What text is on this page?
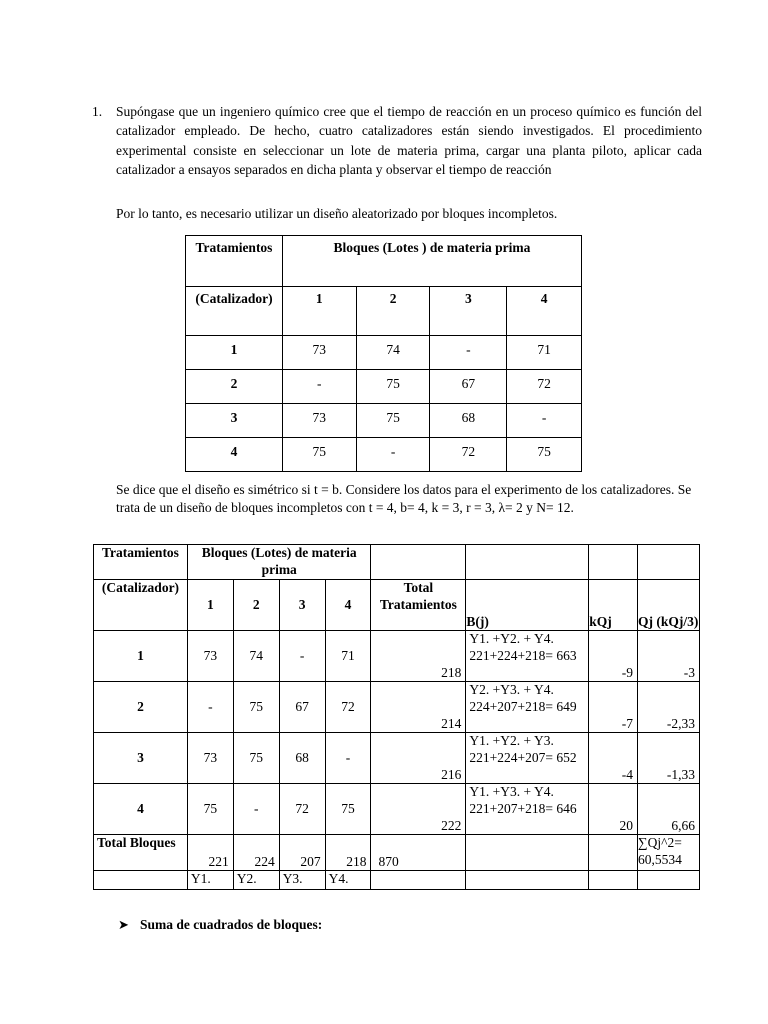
1. Supóngase que un ingeniero químico cree que el tiempo de reacción en un proceso químico es función del catalizador empleado. De hecho, cuatro catalizadores están siendo investigados. El procedimiento experimental consiste en seleccionar un lote de materia prima, cargar una planta piloto, aplicar cada catalizador a ensayos separados en dicha planta y observar el tiempo de reacción

Por lo tanto, es necesario utilizar un diseño aleatorizado por bloques incompletos.

Tratamientos	Bloques (Lotes ) de materia prima			
(Catalizador)	1	2	3	4
1	73	74	-	71
2	-	75	67	72
3	73	75	68	-
4	75	-	72	75

Se dice que el diseño es simétrico si t = b. Considere los datos para el experimento de los catalizadores. Se trata de un diseño de bloques incompletos con t = 4, b= 4, k = 3, r = 3, λ= 2 y N= 12.

Tratamientos	Bloques (Lotes) de materia prima							
(Catalizador)	1	2	3	4	Total Tratamientos	B(j)	kQj	Qj (kQj/3)
1	73	74	-	71	218	Y1. +Y2. + Y4.
221+224+218= 663	-9	-3
2	-	75	67	72	214	Y2. +Y3. + Y4.
224+207+218= 649	-7	-2,33
3	73	75	68	-	216	Y1. +Y2. + Y3.
221+224+207= 652	-4	-1,33
4	75	-	72	75	222	Y1. +Y3. + Y4.
221+207+218= 646	20	6,66
Total Bloques	221	224	207	218	870			∑Qj^2= 60,5534
	Y1.	Y2.	Y3.	Y4.				
➤ Suma de cuadrados de bloques:
